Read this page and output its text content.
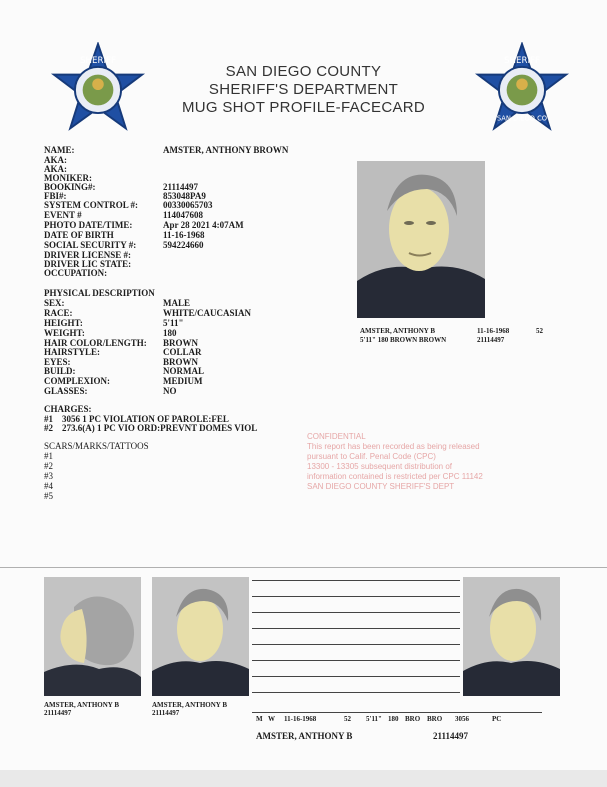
SHERIFF	SHERIFF
SAN DIEGO CO
SAN DIEGO COUNTY
SHERIFF'S DEPARTMENT
MUG SHOT PROFILE-FACECARD
NAME:	AMSTER, ANTHONY BROWN
AKA:
AKA:
MONIKER:
BOOKING#:	21114497
FBI#:	853048PA9
SYSTEM CONTROL #:	00330065703
EVENT #	114047608
PHOTO DATE/TIME:	Apr 28 2021 4:07AM
DATE OF BIRTH	11-16-1968
SOCIAL SECURITY #:	594224660
DRIVER LICENSE #:
DRIVER LIC STATE:
OCCUPATION:
PHYSICAL DESCRIPTION
SEX:	MALE
RACE:	WHITE/CAUCASIAN
HEIGHT:	5'11"
WEIGHT:	180
HAIR COLOR/LENGTH: BROWN
HAIRSTYLE:	COLLAR
EYES:	BROWN
BUILD:	NORMAL
COMPLEXION:	MEDIUM
GLASSES:	NO
CHARGES:
#1 3056 1 PC VIOLATION OF PAROLE:FEL
#2 273.6(A) 1 PC VIO ORD:PREVNT DOMES VIOL
SCARS/MARKS/TATTOOS
#1
#2
#3
#4
#5
AMSTER, ANTHONY B	11-16-1968	52
5'11" 180 BROWN BROWN	21114497
CONFIDENTIAL
This report has been recorded as being released
pursuant to Calif. Penal Code (CPC)
13300 - 13305 subsequent distribution of
information contained is restricted per CPC 11142
SAN DIEGO COUNTY SHERIFF'S DEPT
AMSTER, ANTHONY B
21114497
AMSTER, ANTHONY B
21114497
M W 11-16-1968	52 5'11" 180 BRO BRO 3056	PC
AMSTER, ANTHONY B	21114497
